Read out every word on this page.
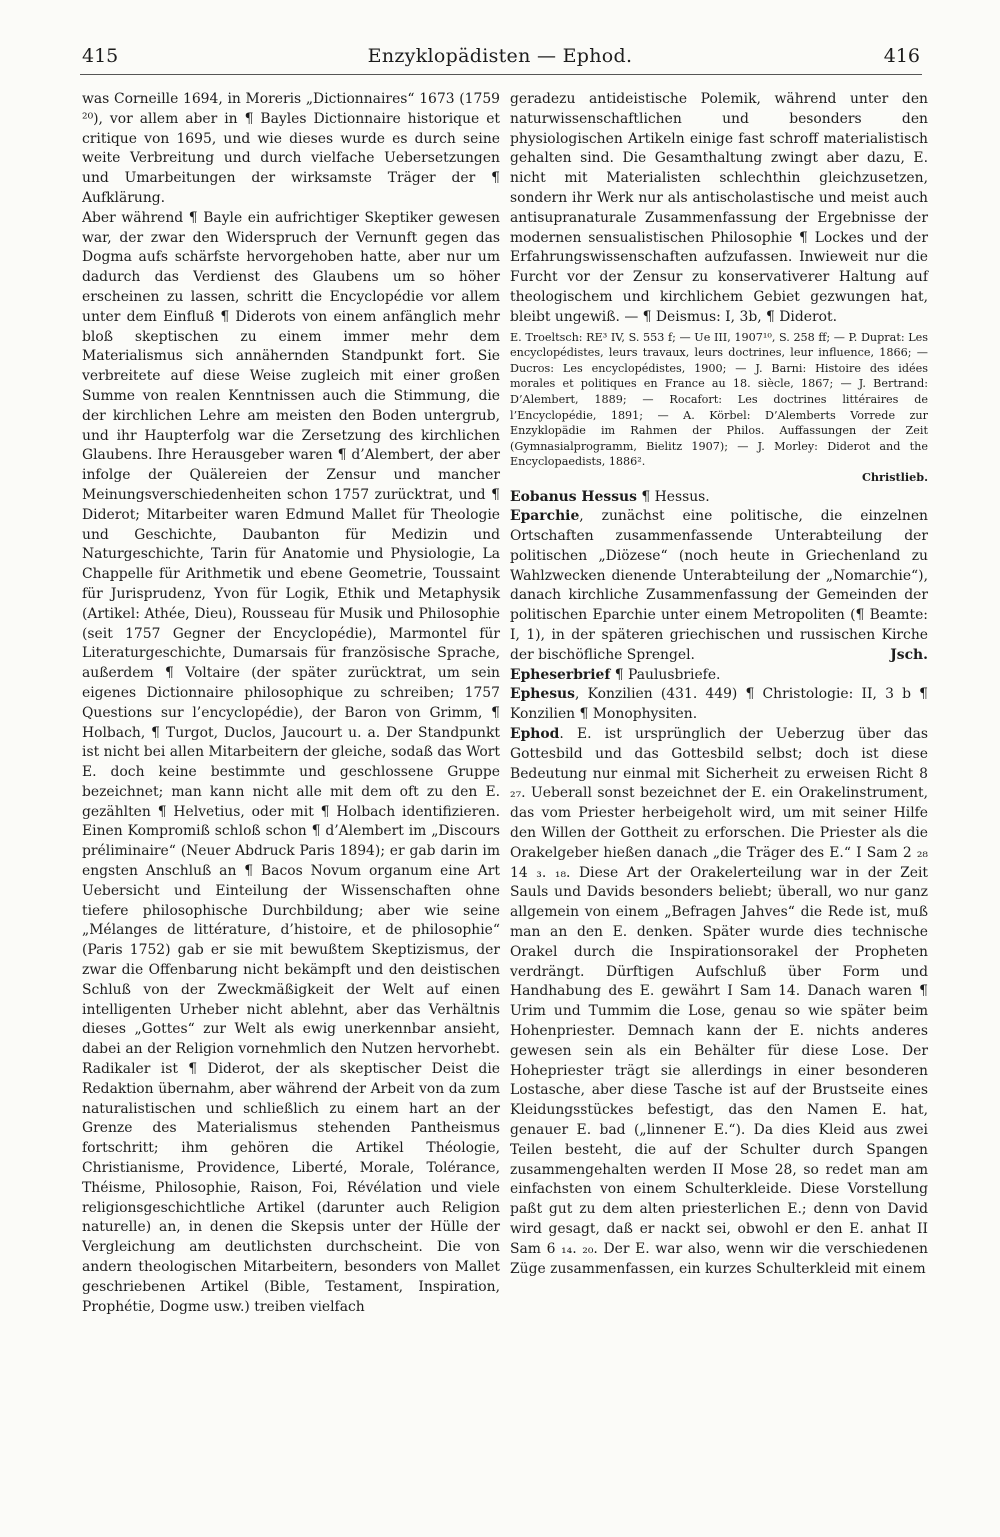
415	Enzyklopädisten — Ephod.	416

was Corneille 1694, in Moreris „Dictionnaires“ 1673 (1759 ²⁰), vor allem aber in ¶ Bayles Dictionnaire historique et critique von 1695, und wie dieses wurde es durch seine weite Verbreitung und durch vielfache Uebersetzungen und Umarbeitungen der wirksamste Träger der ¶ Aufklärung.

Aber während ¶ Bayle ein aufrichtiger Skeptiker gewesen war, der zwar den Widerspruch der Vernunft gegen das Dogma aufs schärfste hervorgehoben hatte, aber nur um dadurch das Verdienst des Glaubens um so höher erscheinen zu lassen, schritt die Encyclopédie vor allem unter dem Einfluß ¶ Diderots von einem anfänglich mehr bloß skeptischen zu einem immer mehr dem Materialismus sich annähernden Standpunkt fort. Sie verbreitete auf diese Weise zugleich mit einer großen Summe von realen Kenntnissen auch die Stimmung, die der kirchlichen Lehre am meisten den Boden untergrub, und ihr Haupterfolg war die Zersetzung des kirchlichen Glaubens. Ihre Herausgeber waren ¶ d’Alembert, der aber infolge der Quälereien der Zensur und mancher Meinungsverschiedenheiten schon 1757 zurücktrat, und ¶ Diderot; Mitarbeiter waren Edmund Mallet für Theologie und Geschichte, Daubanton für Medizin und Naturgeschichte, Tarin für Anatomie und Physiologie, La Chappelle für Arithmetik und ebene Geometrie, Toussaint für Jurisprudenz, Yvon für Logik, Ethik und Metaphysik (Artikel: Athée, Dieu), Rousseau für Musik und Philosophie (seit 1757 Gegner der Encyclopédie), Marmontel für Literaturgeschichte, Dumarsais für französische Sprache, außerdem ¶ Voltaire (der später zurücktrat, um sein eigenes Dictionnaire philosophique zu schreiben; 1757 Questions sur l’encyclopédie), der Baron von Grimm, ¶ Holbach, ¶ Turgot, Duclos, Jaucourt u. a. Der Standpunkt ist nicht bei allen Mitarbeitern der gleiche, sodaß das Wort E. doch keine bestimmte und geschlossene Gruppe bezeichnet; man kann nicht alle mit dem oft zu den E. gezählten ¶ Helvetius, oder mit ¶ Holbach identifizieren. Einen Kompromiß schloß schon ¶ d’Alembert im „Discours préliminaire“ (Neuer Abdruck Paris 1894); er gab darin im engsten Anschluß an ¶ Bacos Novum organum eine Art Uebersicht und Einteilung der Wissenschaften ohne tiefere philosophische Durchbildung; aber wie seine „Mélanges de littérature, d’histoire, et de philosophie“ (Paris 1752) gab er sie mit bewußtem Skeptizismus, der zwar die Offenbarung nicht bekämpft und den deistischen Schluß von der Zweckmäßigkeit der Welt auf einen intelligenten Urheber nicht ablehnt, aber das Verhältnis dieses „Gottes“ zur Welt als ewig unerkennbar ansieht, dabei an der Religion vornehmlich den Nutzen hervorhebt. Radikaler ist ¶ Diderot, der als skeptischer Deist die Redaktion übernahm, aber während der Arbeit von da zum naturalistischen und schließlich zu einem hart an der Grenze des Materialismus stehenden Pantheismus fortschritt; ihm gehören die Artikel Théologie, Christianisme, Providence, Liberté, Morale, Tolérance, Théisme, Philosophie, Raison, Foi, Révélation und viele religionsgeschichtliche Artikel (darunter auch Religion naturelle) an, in denen die Skepsis unter der Hülle der Vergleichung am deutlichsten durchscheint. Die von andern theologischen Mitarbeitern, besonders von Mallet geschriebenen Artikel (Bible, Testament, Inspiration, Prophétie, Dogme usw.) treiben vielfach

geradezu antideistische Polemik, während unter den naturwissenschaftlichen und besonders den physiologischen Artikeln einige fast schroff materialistisch gehalten sind. Die Gesamthaltung zwingt aber dazu, E. nicht mit Materialisten schlechthin gleichzusetzen, sondern ihr Werk nur als antischolastische und meist auch antisupranaturale Zusammenfassung der Ergebnisse der modernen sensualistischen Philosophie ¶ Lockes und der Erfahrungswissenschaften aufzufassen. Inwieweit nur die Furcht vor der Zensur zu konservativerer Haltung auf theologischem und kirchlichem Gebiet gezwungen hat, bleibt ungewiß. — ¶ Deismus: I, 3b, ¶ Diderot.

E. Troeltsch: RE³ IV, S. 553 f; — Ue III, 1907¹⁰, S. 258 ff; — P. Duprat: Les encyclopédistes, leurs travaux, leurs doctrines, leur influence, 1866; — Ducros: Les encyclopédistes, 1900; — J. Barni: Histoire des idées morales et politiques en France au 18. siècle, 1867; — J. Bertrand: D’Alembert, 1889; — Rocafort: Les doctrines littéraires de l’Encyclopédie, 1891; — A. Körbel: D’Alemberts Vorrede zur Enzyklopädie im Rahmen der Philos. Auffassungen der Zeit (Gymnasialprogramm, Bielitz 1907); — J. Morley: Diderot and the Encyclopaedists, 1886².
Christlieb.

Eobanus Hessus ¶ Hessus.

Eparchie, zunächst eine politische, die einzelnen Ortschaften zusammenfassende Unterabteilung der politischen „Diözese“ (noch heute in Griechenland zu Wahlzwecken dienende Unterabteilung der „Nomarchie“), danach kirchliche Zusammenfassung der Gemeinden der politischen Eparchie unter einem Metropoliten (¶ Beamte: I, 1), in der späteren griechischen und russischen Kirche der bischöfliche Sprengel.	Jsch.

Epheserbrief ¶ Paulusbriefe.

Ephesus, Konzilien (431. 449) ¶ Christologie: II, 3 b ¶ Konzilien ¶ Monophysiten.

Ephod. E. ist ursprünglich der Ueberzug über das Gottesbild und das Gottesbild selbst; doch ist diese Bedeutung nur einmal mit Sicherheit zu erweisen Richt 8 ₂₇. Ueberall sonst bezeichnet der E. ein Orakelinstrument, das vom Priester herbeigeholt wird, um mit seiner Hilfe den Willen der Gottheit zu erforschen. Die Priester als die Orakelgeber hießen danach „die Träger des E.“ I Sam 2 ₂₈ 14 ₃. ₁₈. Diese Art der Orakelerteilung war in der Zeit Sauls und Davids besonders beliebt; überall, wo nur ganz allgemein von einem „Befragen Jahves“ die Rede ist, muß man an den E. denken. Später wurde dies technische Orakel durch die Inspirationsorakel der Propheten verdrängt. Dürftigen Aufschluß über Form und Handhabung des E. gewährt I Sam 14. Danach waren ¶ Urim und Tummim die Lose, genau so wie später beim Hohenpriester. Demnach kann der E. nichts anderes gewesen sein als ein Behälter für diese Lose. Der Hohepriester trägt sie allerdings in einer besonderen Lostasche, aber diese Tasche ist auf der Brustseite eines Kleidungsstückes befestigt, das den Namen E. hat, genauer E. bad („linnener E.“). Da dies Kleid aus zwei Teilen besteht, die auf der Schulter durch Spangen zusammengehalten werden II Mose 28, so redet man am einfachsten von einem Schulterkleide. Diese Vorstellung paßt gut zu dem alten priesterlichen E.; denn von David wird gesagt, daß er nackt sei, obwohl er den E. anhat II Sam 6 ₁₄. ₂₀. Der E. war also, wenn wir die verschiedenen Züge zusammenfassen, ein kurzes Schulterkleid mit einem
